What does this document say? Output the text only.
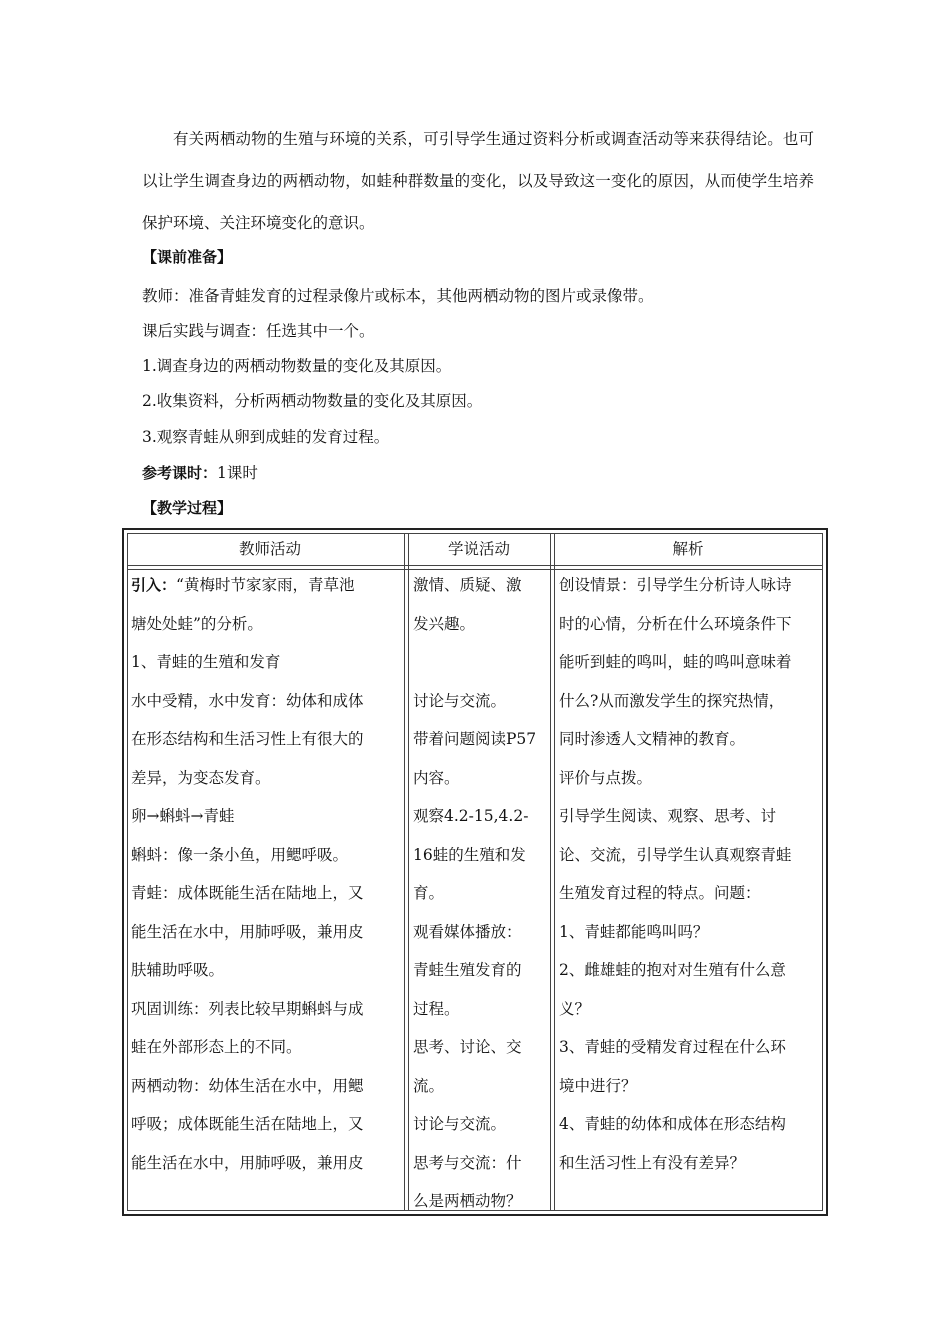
有关两栖动物的生殖与环境的关系，可引导学生通过资料分析或调查活动等来获得结论。也可以让学生调查身边的两栖动物，如蛙种群数量的变化，以及导致这一变化的原因，从而使学生培养保护环境、关注环境变化的意识。

【课前准备】

教师：准备青蛙发育的过程录像片或标本，其他两栖动物的图片或录像带。

课后实践与调查：任选其中一个。

1.调查身边的两栖动物数量的变化及其原因。

2.收集资料，分析两栖动物数量的变化及其原因。

3.观察青蛙从卵到成蛙的发育过程。

参考课时：1课时

【教学过程】

教师活动	学说活动	解析

引入：“黄梅时节家家雨，青草池

塘处处蛙”的分析。

1、青蛙的生殖和发育

水中受精，水中发育：幼体和成体

在形态结构和生活习性上有很大的

差异，为变态发育。

卵→蝌蚪→青蛙

蝌蚪：像一条小鱼，用鳃呼吸。

青蛙：成体既能生活在陆地上，又

能生活在水中，用肺呼吸，兼用皮

肤辅助呼吸。

巩固训练：列表比较早期蝌蚪与成

蛙在外部形态上的不同。

两栖动物：幼体生活在水中，用鳃

呼吸；成体既能生活在陆地上，又

能生活在水中，用肺呼吸，兼用皮

激情、质疑、激

发兴趣。

讨论与交流。

带着问题阅读P57

内容。

观察4.2-15,4.2-

16蛙的生殖和发

育。

观看媒体播放：

青蛙生殖发育的

过程。

思考、讨论、交

流。

讨论与交流。

思考与交流：什

么是两栖动物？

创设情景：引导学生分析诗人咏诗

时的心情，分析在什么环境条件下

能听到蛙的鸣叫，蛙的鸣叫意味着

什么?从而激发学生的探究热情，

同时渗透人文精神的教育。

评价与点拨。

引导学生阅读、观察、思考、讨

论、交流，引导学生认真观察青蛙

生殖发育过程的特点。问题：

1、青蛙都能鸣叫吗？

2、雌雄蛙的抱对对生殖有什么意

义？

3、青蛙的受精发育过程在什么环

境中进行？

4、青蛙的幼体和成体在形态结构

和生活习性上有没有差异？
